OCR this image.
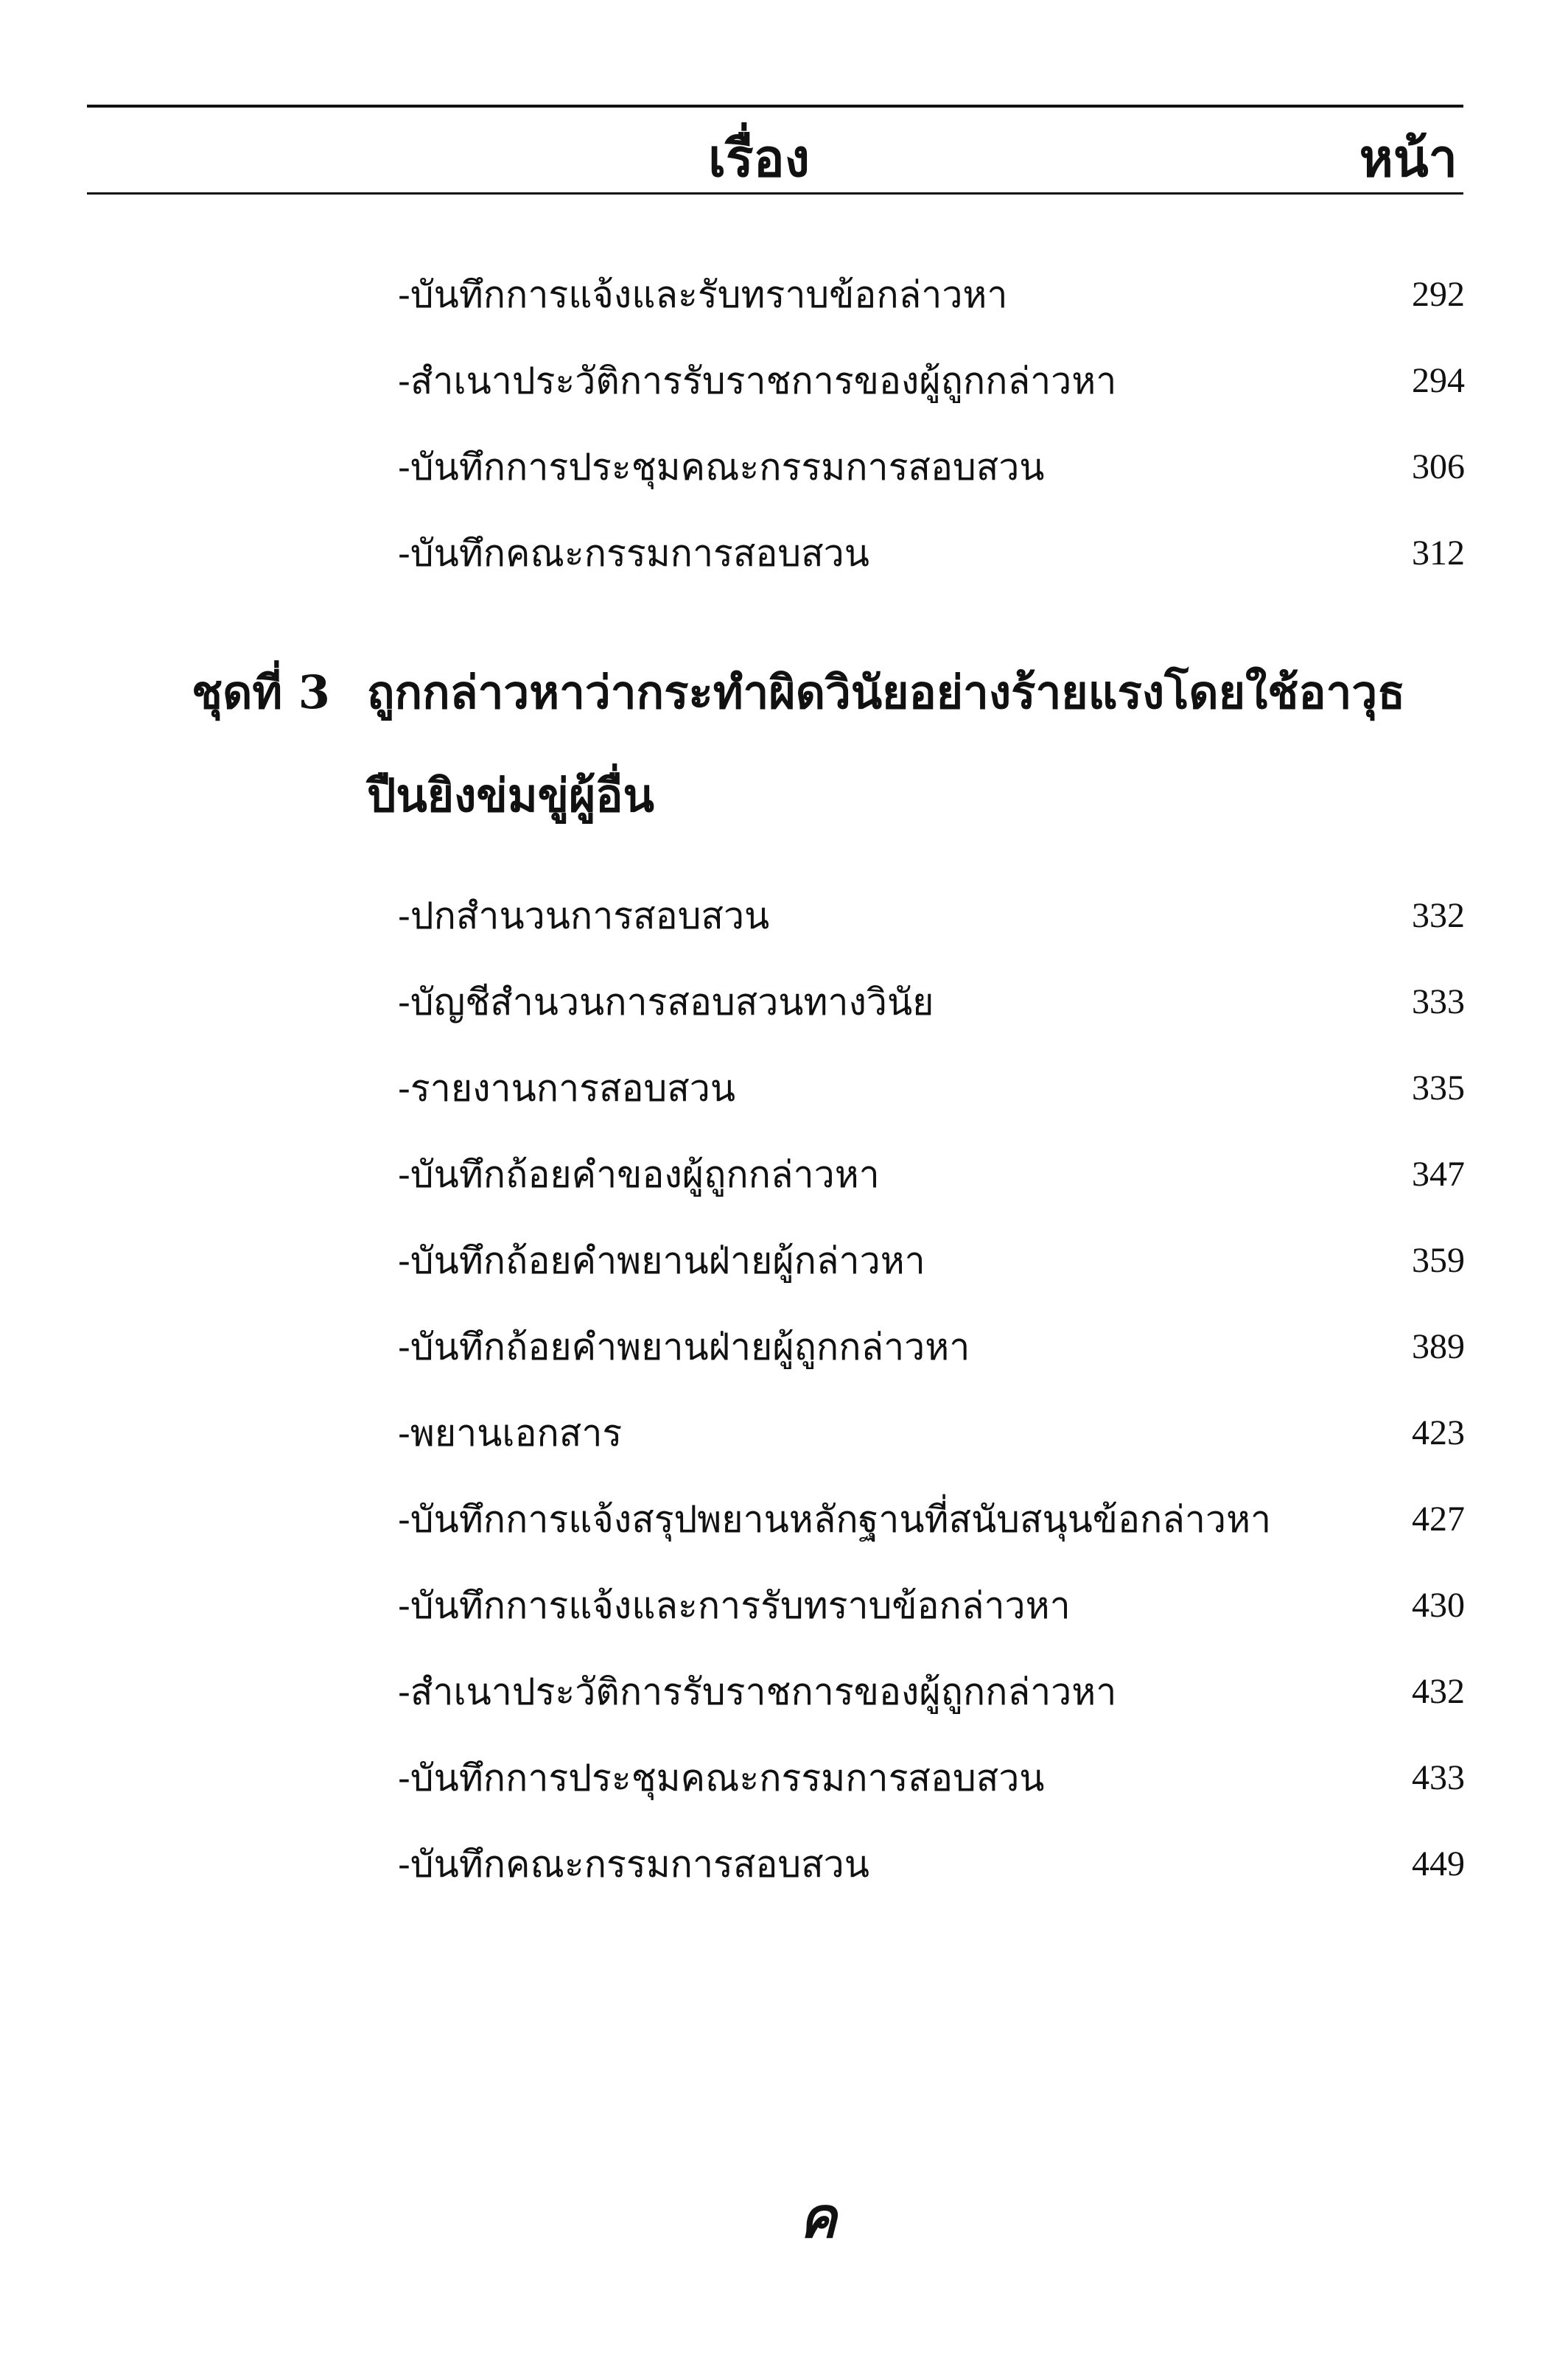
เรื่อง	หน้า
-บันทึกการแจ้งและรับทราบข้อกล่าวหา	292
-สำเนาประวัติการรับราชการของผู้ถูกกล่าวหา	294
-บันทึกการประชุมคณะกรรมการสอบสวน	306
-บันทึกคณะกรรมการสอบสวน	312
ชุดที่ 3 ถูกกล่าวหาว่ากระทำผิดวินัยอย่างร้ายแรงโดยใช้อาวุธปืนยิงข่มขู่ผู้อื่น
-ปกสำนวนการสอบสวน	332
-บัญชีสำนวนการสอบสวนทางวินัย	333
-รายงานการสอบสวน	335
-บันทึกถ้อยคำของผู้ถูกกล่าวหา	347
-บันทึกถ้อยคำพยานฝ่ายผู้กล่าวหา	359
-บันทึกถ้อยคำพยานฝ่ายผู้ถูกกล่าวหา	389
-พยานเอกสาร	423
-บันทึกการแจ้งสรุปพยานหลักฐานที่สนับสนุนข้อกล่าวหา	427
-บันทึกการแจ้งและการรับทราบข้อกล่าวหา	430
-สำเนาประวัติการรับราชการของผู้ถูกกล่าวหา	432
-บันทึกการประชุมคณะกรรมการสอบสวน	433
-บันทึกคณะกรรมการสอบสวน	449
ค
